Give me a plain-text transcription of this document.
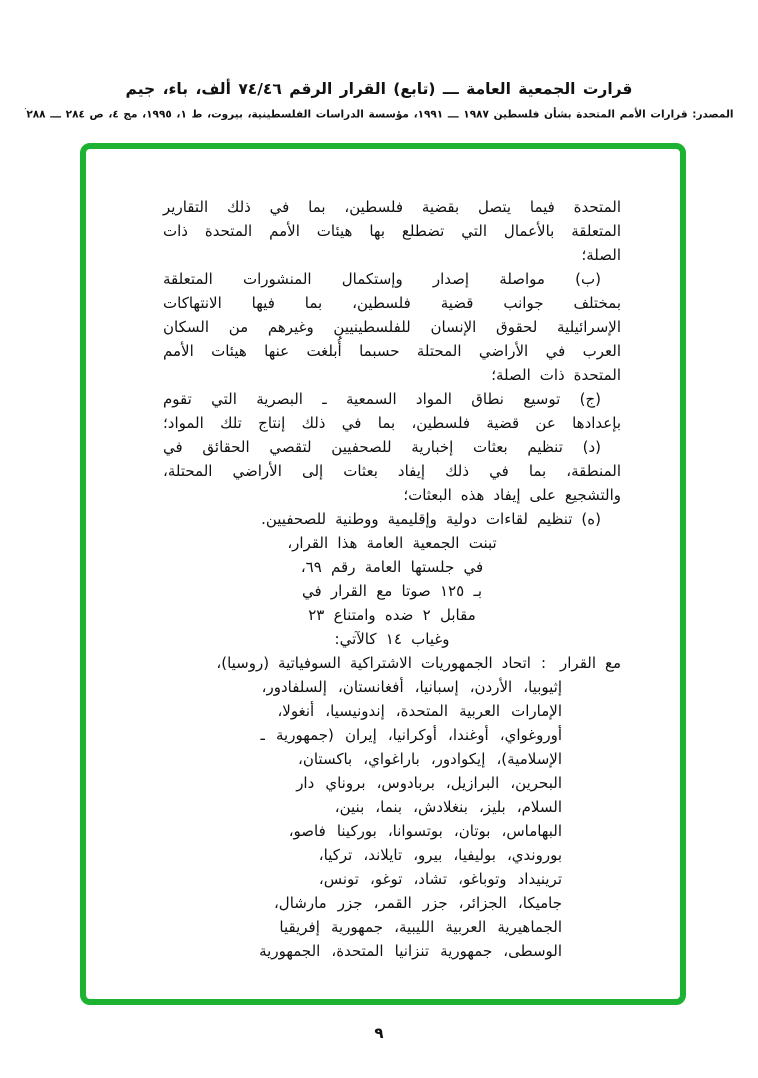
قرارت الجمعية العامة ـــ (تابع) القرار الرقم ٧٤/٤٦ ألف، باء، جيم
المصدر: قرارات الأمم المتحدة بشأن فلسطين ١٩٨٧ ـــ ١٩٩١، مؤسسة الدراسات الفلسطينية، بيروت، ط ١، ١٩٩٥، مج ٤، ص ٢٨٤ ـــ ٢٨٨′
المتحدة فيما يتصل بقضية فلسطين، بما في ذلك التقارير
المتعلقة بالأعمال التي تضطلع بها هيئات الأمم المتحدة ذات
الصلة؛
(ب) مواصلة إصدار وإستكمال المنشورات المتعلقة
بمختلف جوانب قضية فلسطين، بما فيها الانتهاكات
الإسرائيلية لحقوق الإنسان للفلسطينيين وغيرهم من السكان
العرب في الأراضي المحتلة حسبما أُبلغت عنها هيئات الأمم
المتحدة ذات الصلة؛
(ج) توسيع نطاق المواد السمعية ـ البصرية التي تقوم
بإعدادها عن قضية فلسطين، بما في ذلك إنتاج تلك المواد؛
(د) تنظيم بعثات إخبارية للصحفيين لتقصي الحقائق في
المنطقة، بما في ذلك إيفاد بعثات إلى الأراضي المحتلة،
والتشجيع على إيفاد هذه البعثات؛
(ه) تنظيم لقاءات دولية وإقليمية ووطنية للصحفيين.
تبنت الجمعية العامة هذا القرار،
في جلستها العامة رقم ٦٩،
بـ ١٢٥ صوتا مع القرار في
مقابل ٢ ضده وامتناع ٢٣
وغياب ١٤ كالآتي:
مع القرار:اتحاد الجمهوريات الاشتراكية السوفياتية (روسيا)،
إثيوبيا، الأردن، إسبانيا، أفغانستان، إلسلفادور،
الإمارات العربية المتحدة، إندونيسيا، أنغولا،
أوروغواي، أوغندا، أوكرانيا، إيران (جمهورية ـ
الإسلامية)، إيكوادور، باراغواي، باكستان،
البحرين، البرازيل، بربادوس، بروناي دار
السلام، بليز، بنغلادش، بنما، بنين،
البهاماس، بوتان، بوتسوانا، بوركينا فاصو،
بوروندي، بوليفيا، بيرو، تايلاند، تركيا،
ترينيداد وتوباغو، تشاد، توغو، تونس،
جاميكا، الجزائر، جزر القمر، جزر مارشال،
الجماهيرية العربية الليبية، جمهورية إفريقيا
الوسطى، جمهورية تنزانيا المتحدة، الجمهورية
٩
